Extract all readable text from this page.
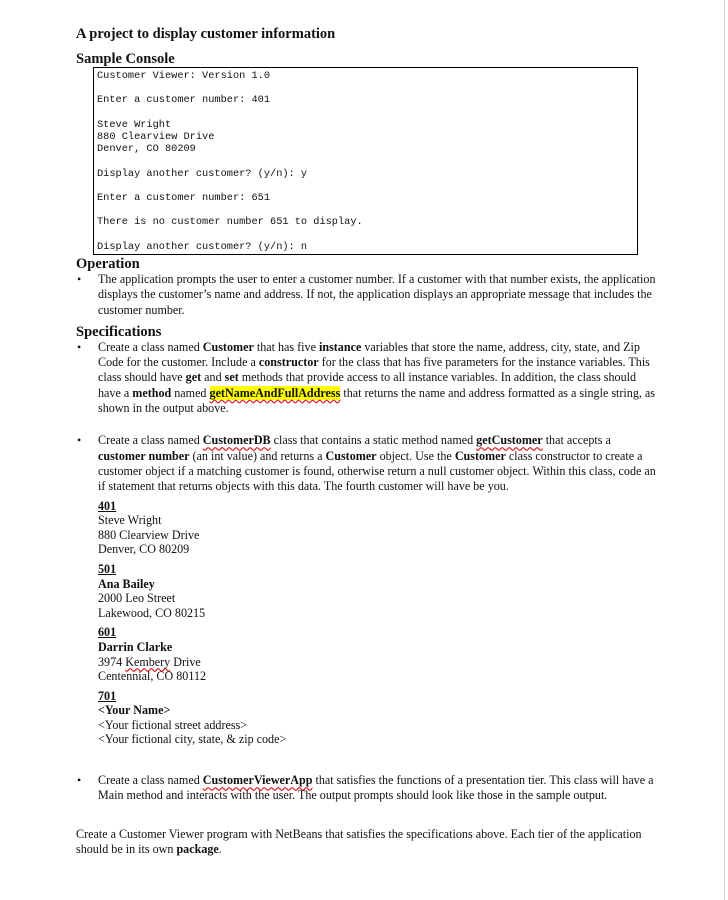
A project to display customer information
Sample Console
Customer Viewer: Version 1.0
Enter a customer number: 401
Steve Wright
880 Clearview Drive
Denver, CO 80209
Display another customer? (y/n): y
Enter a customer number: 651
There is no customer number 651 to display.
Display another customer? (y/n): n
Operation
• The application prompts the user to enter a customer number. If a customer with that number exists, the application displays the customer’s name and address. If not, the application displays an appropriate message that includes the customer number.
Specifications
• Create a class named Customer that has five instance variables that store the name, address, city, state, and Zip Code for the customer. Include a constructor for the class that has five parameters for the instance variables. This class should have get and set methods that provide access to all instance variables. In addition, the class should have a method named getNameAndFullAddress that returns the name and address formatted as a single string, as shown in the output above.
• Create a class named CustomerDB class that contains a static method named getCustomer that accepts a customer number (an int value) and returns a Customer object. Use the Customer class constructor to create a customer object if a matching customer is found, otherwise return a null customer object. Within this class, code an if statement that returns objects with this data. The fourth customer will have be you.
401
Steve Wright
880 Clearview Drive
Denver, CO 80209
501
Ana Bailey
2000 Leo Street
Lakewood, CO 80215
601
Darrin Clarke
3974 Kembery Drive
Centennial, CO 80112
701
<Your Name>
<Your fictional street address>
<Your fictional city, state, & zip code>
• Create a class named CustomerViewerApp that satisfies the functions of a presentation tier. This class will have a Main method and interacts with the user. The output prompts should look like those in the sample output.
Create a Customer Viewer program with NetBeans that satisfies the specifications above. Each tier of the application should be in its own package.
